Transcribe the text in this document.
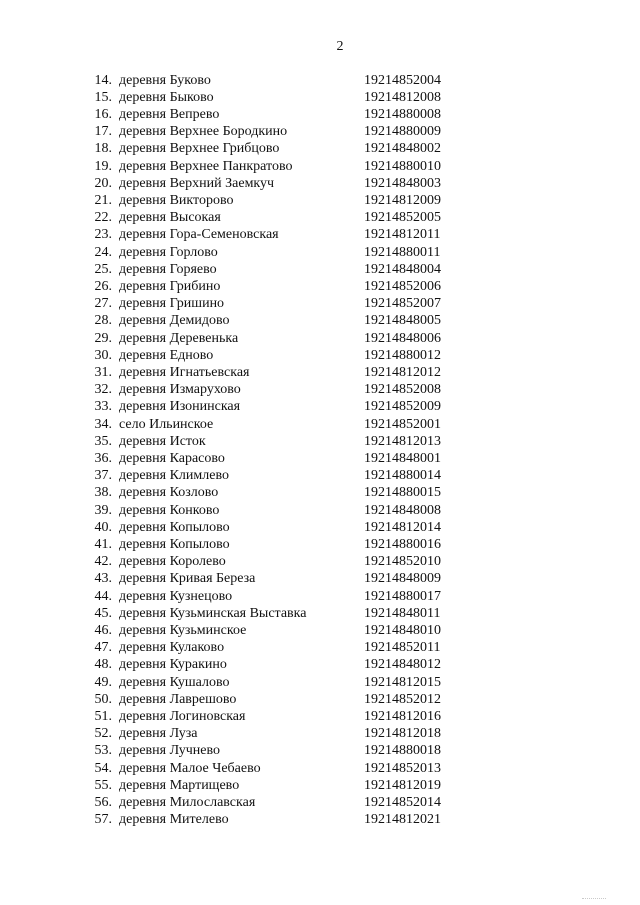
2
14. деревня Буково	19214852004
15. деревня Быково	19214812008
16. деревня Вепрево	19214880008
17. деревня Верхнее Бородкино	19214880009
18. деревня Верхнее Грибцово	19214848002
19. деревня Верхнее Панкратово	19214880010
20. деревня Верхний Заемкуч	19214848003
21. деревня Викторово	19214812009
22. деревня Высокая	19214852005
23. деревня Гора-Семеновская	19214812011
24. деревня Горлово	19214880011
25. деревня Горяево	19214848004
26. деревня Грибино	19214852006
27. деревня Гришино	19214852007
28. деревня Демидово	19214848005
29. деревня Деревенька	19214848006
30. деревня Едново	19214880012
31. деревня Игнатьевская	19214812012
32. деревня Измарухово	19214852008
33. деревня Изонинская	19214852009
34. село Ильинское	19214852001
35. деревня Исток	19214812013
36. деревня Карасово	19214848001
37. деревня Климлево	19214880014
38. деревня Козлово	19214880015
39. деревня Конково	19214848008
40. деревня Копылово	19214812014
41. деревня Копылово	19214880016
42. деревня Королево	19214852010
43. деревня Кривая Береза	19214848009
44. деревня Кузнецово	19214880017
45. деревня Кузьминская Выставка	19214848011
46. деревня Кузьминское	19214848010
47. деревня Кулаково	19214852011
48. деревня Куракино	19214848012
49. деревня Кушалово	19214812015
50. деревня Лаврешово	19214852012
51. деревня Логиновская	19214812016
52. деревня Луза	19214812018
53. деревня Лучнево	19214880018
54. деревня Малое Чебаево	19214852013
55. деревня Мартищево	19214812019
56. деревня Милославская	19214852014
57. деревня Мителево	19214812021
